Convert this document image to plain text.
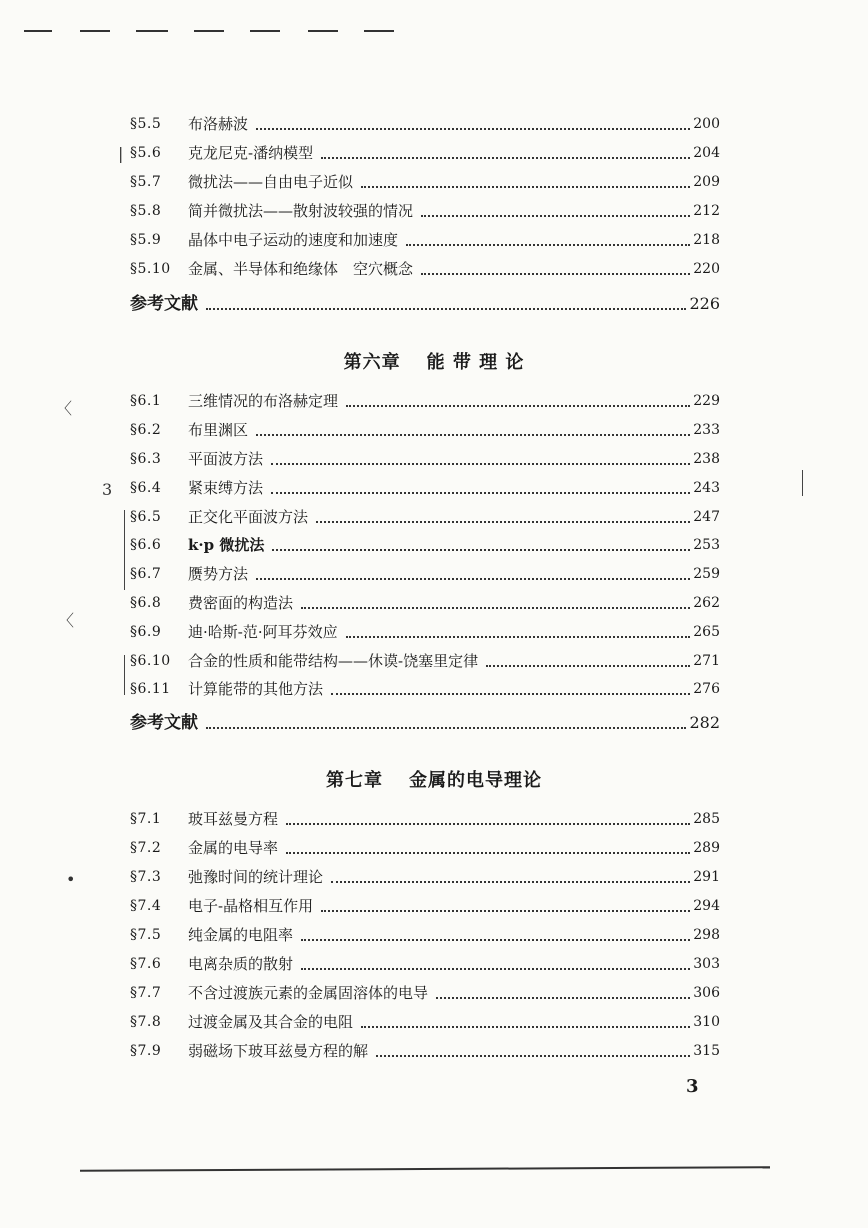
§5.5	布洛赫波	200
§5.6	克龙尼克-潘纳模型	204
§5.7	微扰法——自由电子近似	209
§5.8	简并微扰法——散射波较强的情况	212
§5.9	晶体中电子运动的速度和加速度	218
§5.10	金属、半导体和绝缘体　空穴概念	220
参考文献	226
第六章 能 带 理 论
§6.1	三维情况的布洛赫定理	229
§6.2	布里渊区	233
§6.3	平面波方法	238
§6.4	紧束缚方法	243
§6.5	正交化平面波方法	247
§6.6	k·p 微扰法	253
§6.7	赝势方法	259
§6.8	费密面的构造法	262
§6.9	迪·哈斯-范·阿耳芬效应	265
§6.10	合金的性质和能带结构——休谟-饶塞里定律	271
§6.11	计算能带的其他方法	276
参考文献	282
第七章 金属的电导理论
§7.1	玻耳兹曼方程	285
§7.2	金属的电导率	289
§7.3	弛豫时间的统计理论	291
§7.4	电子-晶格相互作用	294
§7.5	纯金属的电阻率	298
§7.6	电离杂质的散射	303
§7.7	不含过渡族元素的金属固溶体的电导	306
§7.8	过渡金属及其合金的电阻	310
§7.9	弱磁场下玻耳兹曼方程的解	315
3
|
〈
3
〈
•
